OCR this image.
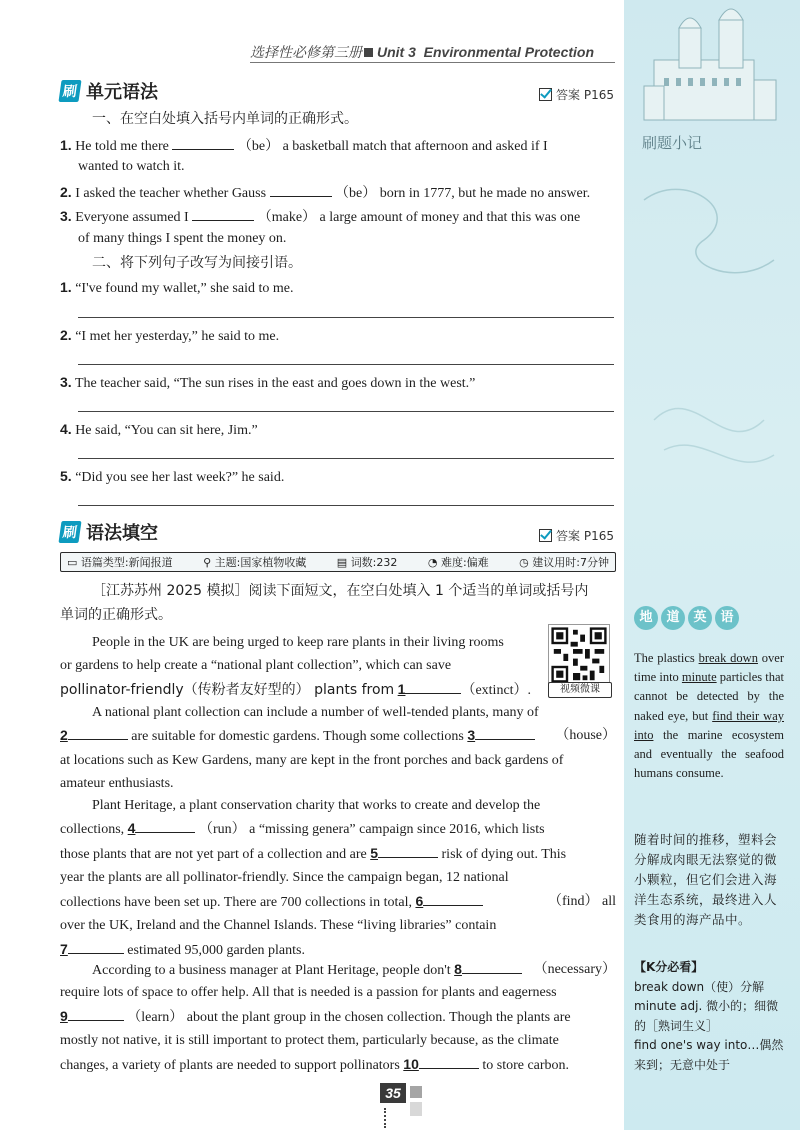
刷题小记
地	道	英	语
The plastics break down over time into minute particles that cannot be detected by the naked eye, but find their way into the marine ecosystem and eventually the seafood humans consume.
随着时间的推移，塑料会分解成肉眼无法察觉的微小颗粒，但它们会进入海洋生态系统，最终进入人类食用的海产品中。
【K分必看】
break down（使）分解
minute adj. 微小的；细微的［熟词生义］
find one's way into…偶然来到；无意中处于
选择性必修第三册 Unit 3 Environmental Protection
刷 单元语法	答案 P165
一、在空白处填入括号内单词的正确形式。
1. He told me there	（be） a basketball match that afternoon and asked if I
wanted to watch it.
2. I asked the teacher whether Gauss	（be） born in 1777, but he made no answer.
3. Everyone assumed I	（make） a large amount of money and that this was one
of many things I spent the money on.
二、将下列句子改写为间接引语。
1. “I've found my wallet,” she said to me.
2. “I met her yesterday,” he said to me.
3. The teacher said, “The sun rises in the east and goes down in the west.”
4. He said, “You can sit here, Jim.”
5. “Did you see her last week?” he said.
刷 语法填空	答案 P165
▭ 语篇类型:新闻报道	⚲ 主题:国家植物收藏	▤ 词数:232	◔ 难度:偏难	◷ 建议用时:7分钟
［江苏苏州 2025 模拟］阅读下面短文，在空白处填入 1 个适当的单词或括号内
单词的正确形式。
视频微课
People in the UK are being urged to keep rare plants in their living rooms
or gardens to help create a “national plant collection”, which can save
pollinator-friendly（传粉者友好型的） plants from 1	（extinct）.
A national plant collection can include a number of well-tended plants, many of
2	are suitable for domestic gardens. Though some collections 3	（house）
at locations such as Kew Gardens, many are kept in the front porches and back gardens of
amateur enthusiasts.
Plant Heritage, a plant conservation charity that works to create and develop the
collections, 4	（run） a “missing genera” campaign since 2016, which lists
those plants that are not yet part of a collection and are 5	risk of dying out. This
year the plants are all pollinator-friendly. Since the campaign began, 12 national
collections have been set up. There are 700 collections in total, 6	（find） all
over the UK, Ireland and the Channel Islands. These “living libraries” contain
7	estimated 95,000 garden plants.
According to a business manager at Plant Heritage, people don't 8	（necessary）
require lots of space to offer help. All that is needed is a passion for plants and eagerness
9	（learn） about the plant group in the chosen collection. Though the plants are
mostly not native, it is still important to protect them, particularly because, as the climate
changes, a variety of plants are needed to support pollinators 10	to store carbon.
35
